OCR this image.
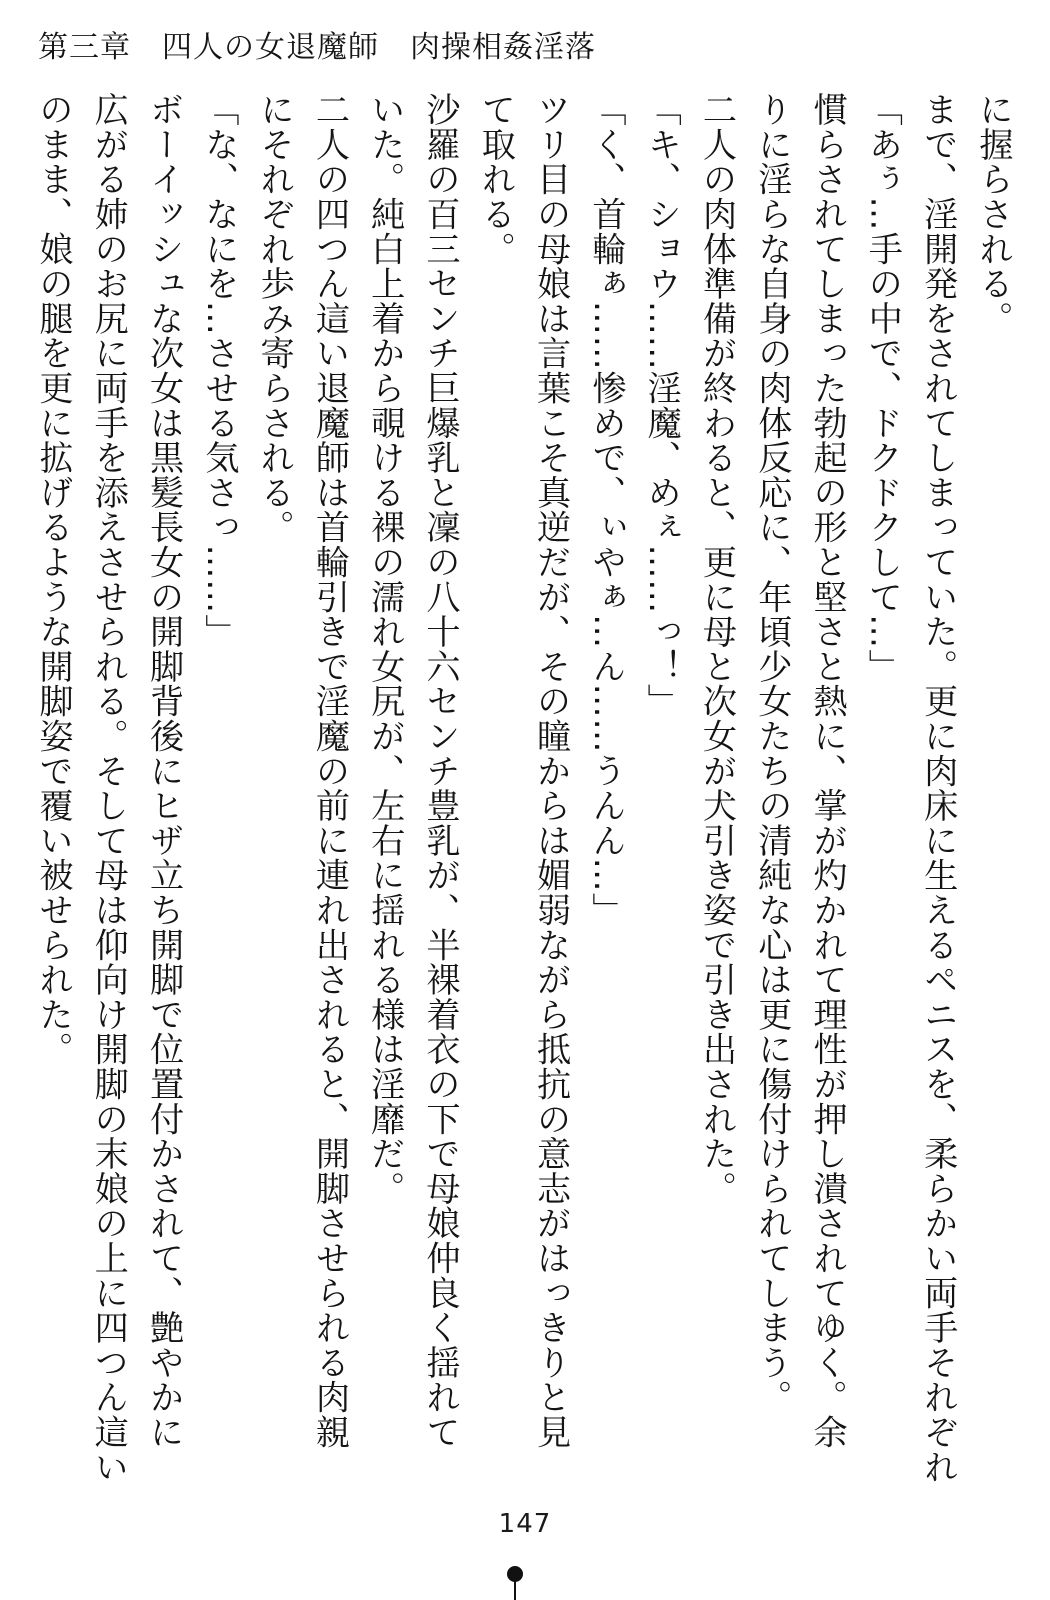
第三章　四人の女退魔師　肉操相姦淫落

に握らされる。

まで、淫開発をされてしまっていた。更に肉床に生えるペニスを、柔らかい両手それぞれ

「あぅ…手の中で、ドクドクして…」

慣らされてしまった勃起の形と堅さと熱に、掌が灼かれて理性が押し潰されてゆく。余

りに淫らな自身の肉体反応に、年頃少女たちの清純な心は更に傷付けられてしまう。

二人の肉体準備が終わると、更に母と次女が犬引き姿で引き出された。

「キ、ショウ……淫魔、めぇ……っ！」

「く、首輪ぁ……惨めで、ぃやぁ…ん……うんん…」

ツリ目の母娘は言葉こそ真逆だが、その瞳からは媚弱ながら抵抗の意志がはっきりと見

て取れる。

沙羅の百三センチ巨爆乳と凜の八十六センチ豊乳が、半裸着衣の下で母娘仲良く揺れて

いた。純白上着から覗ける裸の濡れ女尻が、左右に揺れる様は淫靡だ。

二人の四つん這い退魔師は首輪引きで淫魔の前に連れ出されると、開脚させられる肉親

にそれぞれ歩み寄らされる。

「な、なにを…させる気さっ……」

ボーイッシュな次女は黒髪長女の開脚背後にヒザ立ち開脚で位置付かされて、艶やかに

広がる姉のお尻に両手を添えさせられる。そして母は仰向け開脚の末娘の上に四つん這い

のまま、娘の腿を更に拡げるような開脚姿で覆い被せられた。

147
